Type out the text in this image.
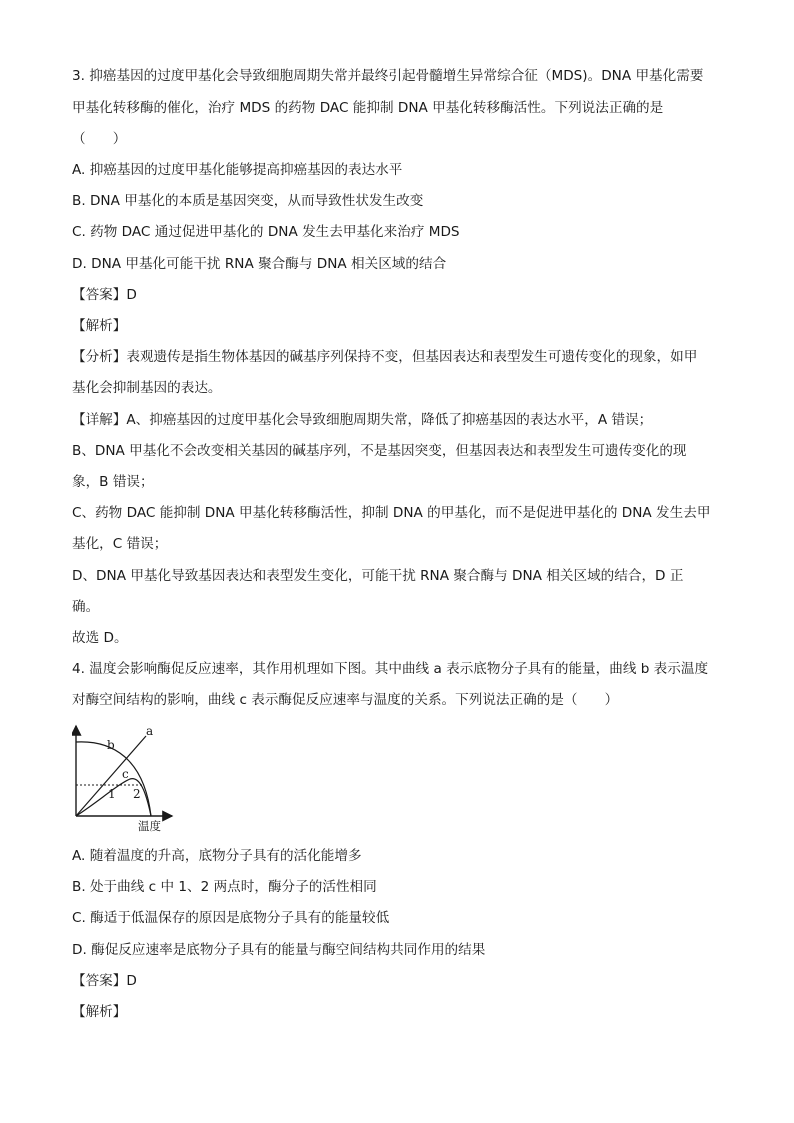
3. 抑癌基因的过度甲基化会导致细胞周期失常并最终引起骨髓增生异常综合征（MDS)。DNA 甲基化需要
甲基化转移酶的催化，治疗 MDS 的药物 DAC 能抑制 DNA 甲基化转移酶活性。下列说法正确的是
（　　）
A. 抑癌基因的过度甲基化能够提高抑癌基因的表达水平
B. DNA 甲基化的本质是基因突变，从而导致性状发生改变
C. 药物 DAC 通过促进甲基化的 DNA 发生去甲基化来治疗 MDS
D. DNA 甲基化可能干扰 RNA 聚合酶与 DNA 相关区域的结合
【答案】D
【解析】
【分析】表观遗传是指生物体基因的碱基序列保持不变，但基因表达和表型发生可遗传变化的现象，如甲
基化会抑制基因的表达。
【详解】A、抑癌基因的过度甲基化会导致细胞周期失常，降低了抑癌基因的表达水平，A 错误；
B、DNA 甲基化不会改变相关基因的碱基序列，不是基因突变，但基因表达和表型发生可遗传变化的现
象，B 错误；
C、药物 DAC 能抑制 DNA 甲基化转移酶活性，抑制 DNA 的甲基化，而不是促进甲基化的 DNA 发生去甲
基化，C 错误；
D、DNA 甲基化导致基因表达和表型发生变化，可能干扰 RNA 聚合酶与 DNA 相关区域的结合，D 正
确。
故选 D。
4. 温度会影响酶促反应速率，其作用机理如下图。其中曲线 a 表示底物分子具有的能量，曲线 b 表示温度
对酶空间结构的影响，曲线 c 表示酶促反应速率与温度的关系。下列说法正确的是（　　）
a
b
c
1 2
温度
A. 随着温度的升高，底物分子具有的活化能增多
B. 处于曲线 c 中 1、2 两点时，酶分子的活性相同
C. 酶适于低温保存的原因是底物分子具有的能量较低
D. 酶促反应速率是底物分子具有的能量与酶空间结构共同作用的结果
【答案】D
【解析】
